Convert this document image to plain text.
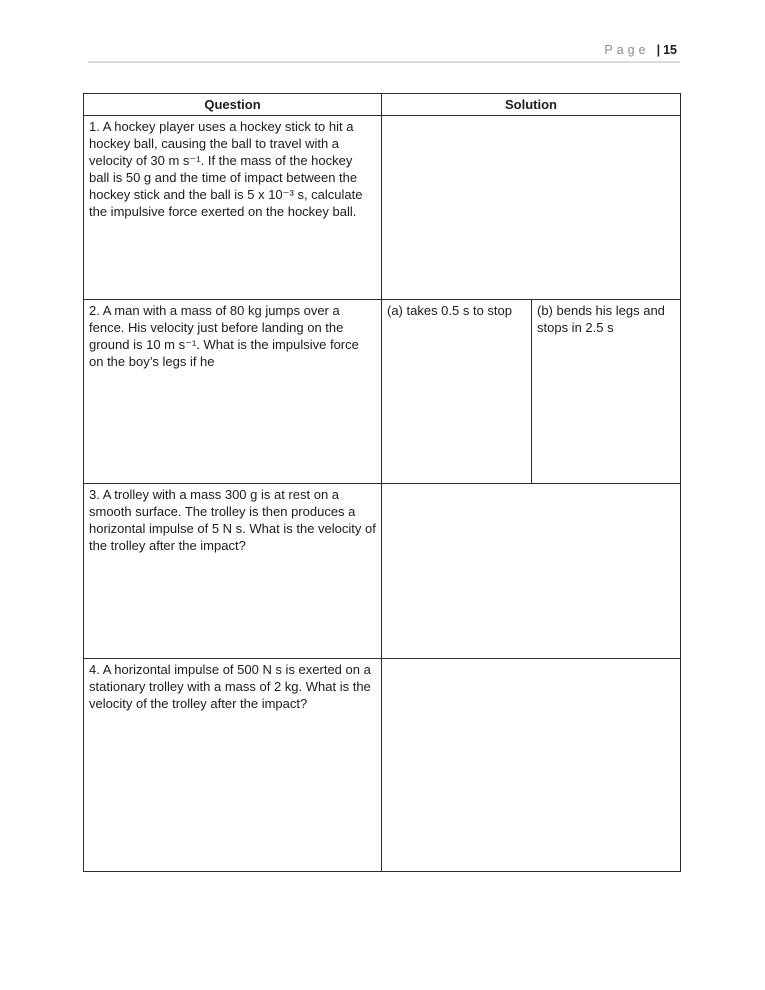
Page | 15
Question	Solution	
1. A hockey player uses a hockey stick to hit a hockey ball, causing the ball to travel with a velocity of 30 m s⁻¹. If the mass of the hockey ball is 50 g and the time of impact between the hockey stick and the ball is 5 x 10⁻³ s, calculate the impulsive force exerted on the hockey ball.		
2. A man with a mass of 80 kg jumps over a fence. His velocity just before landing on the ground is 10 m s⁻¹. What is the impulsive force on the boy’s legs if he	(a) takes 0.5 s to stop	(b) bends his legs and stops in 2.5 s
3. A trolley with a mass 300 g is at rest on a smooth surface. The trolley is then produces a horizontal impulse of 5 N s. What is the velocity of the trolley after the impact?		
4. A horizontal impulse of 500 N s is exerted on a stationary trolley with a mass of 2 kg. What is the velocity of the trolley after the impact?		
